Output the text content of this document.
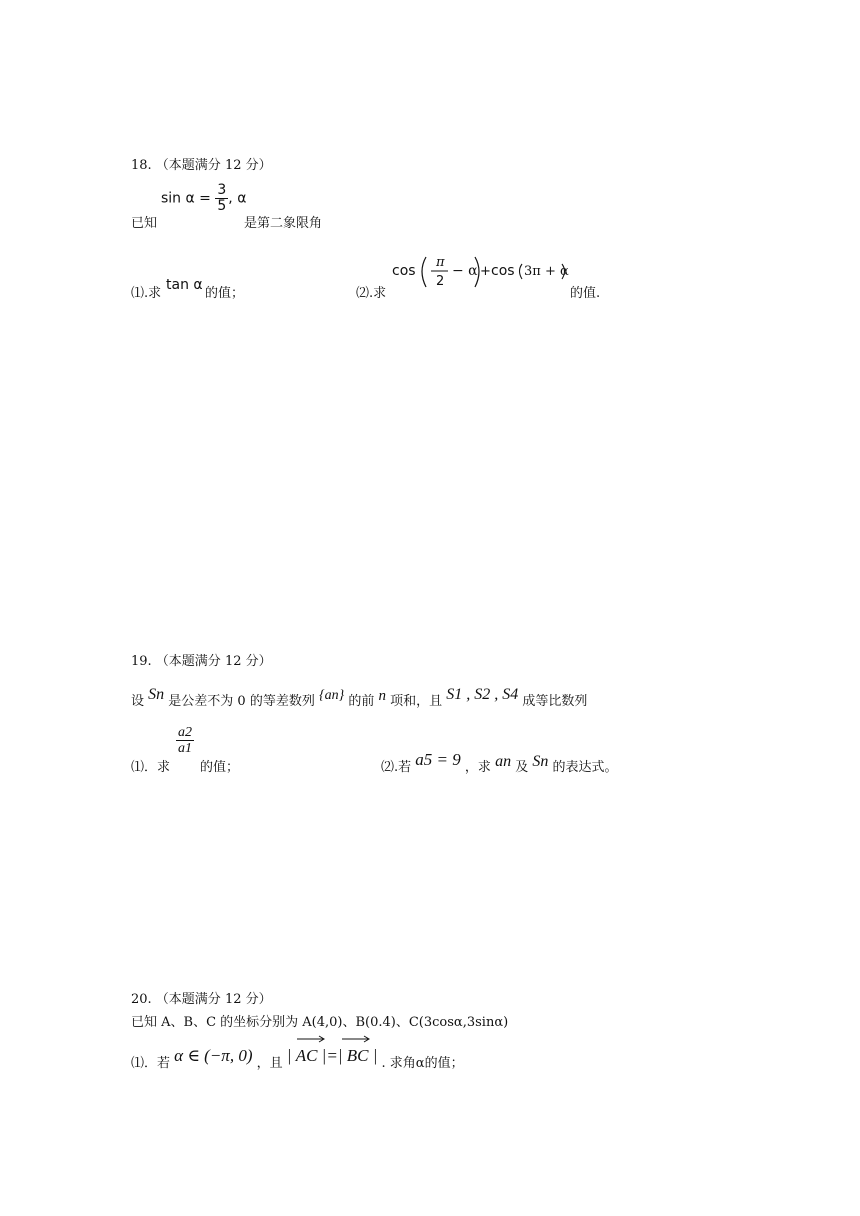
18. （本题满分 12 分）
已知
$\sin \alpha = \frac{3}{5}$ , α
是第二象限角
⑴.求
tan α
的值；	⑵.求
cos
π
2
− α + cos 3π + α
的值.
19. （本题满分 12 分）
设 Sn 是公差不为 0 的等差数列 {an} 的前 n 项和，且 S1 , S2 , S4 成等比数列
⑴．求
$\frac{a2}{a1}$
的值；	⑵.若 a5 = 9 ，求 an 及 Sn 的表达式。
20. （本题满分 12 分）
已知 A、B、C 的坐标分别为 A(4,0)、B(0.4)、C(3cosα,3sinα)
⑴．若 α ∈ (−π, 0) ，且 | AC |=| BC | . 求角α的值；
